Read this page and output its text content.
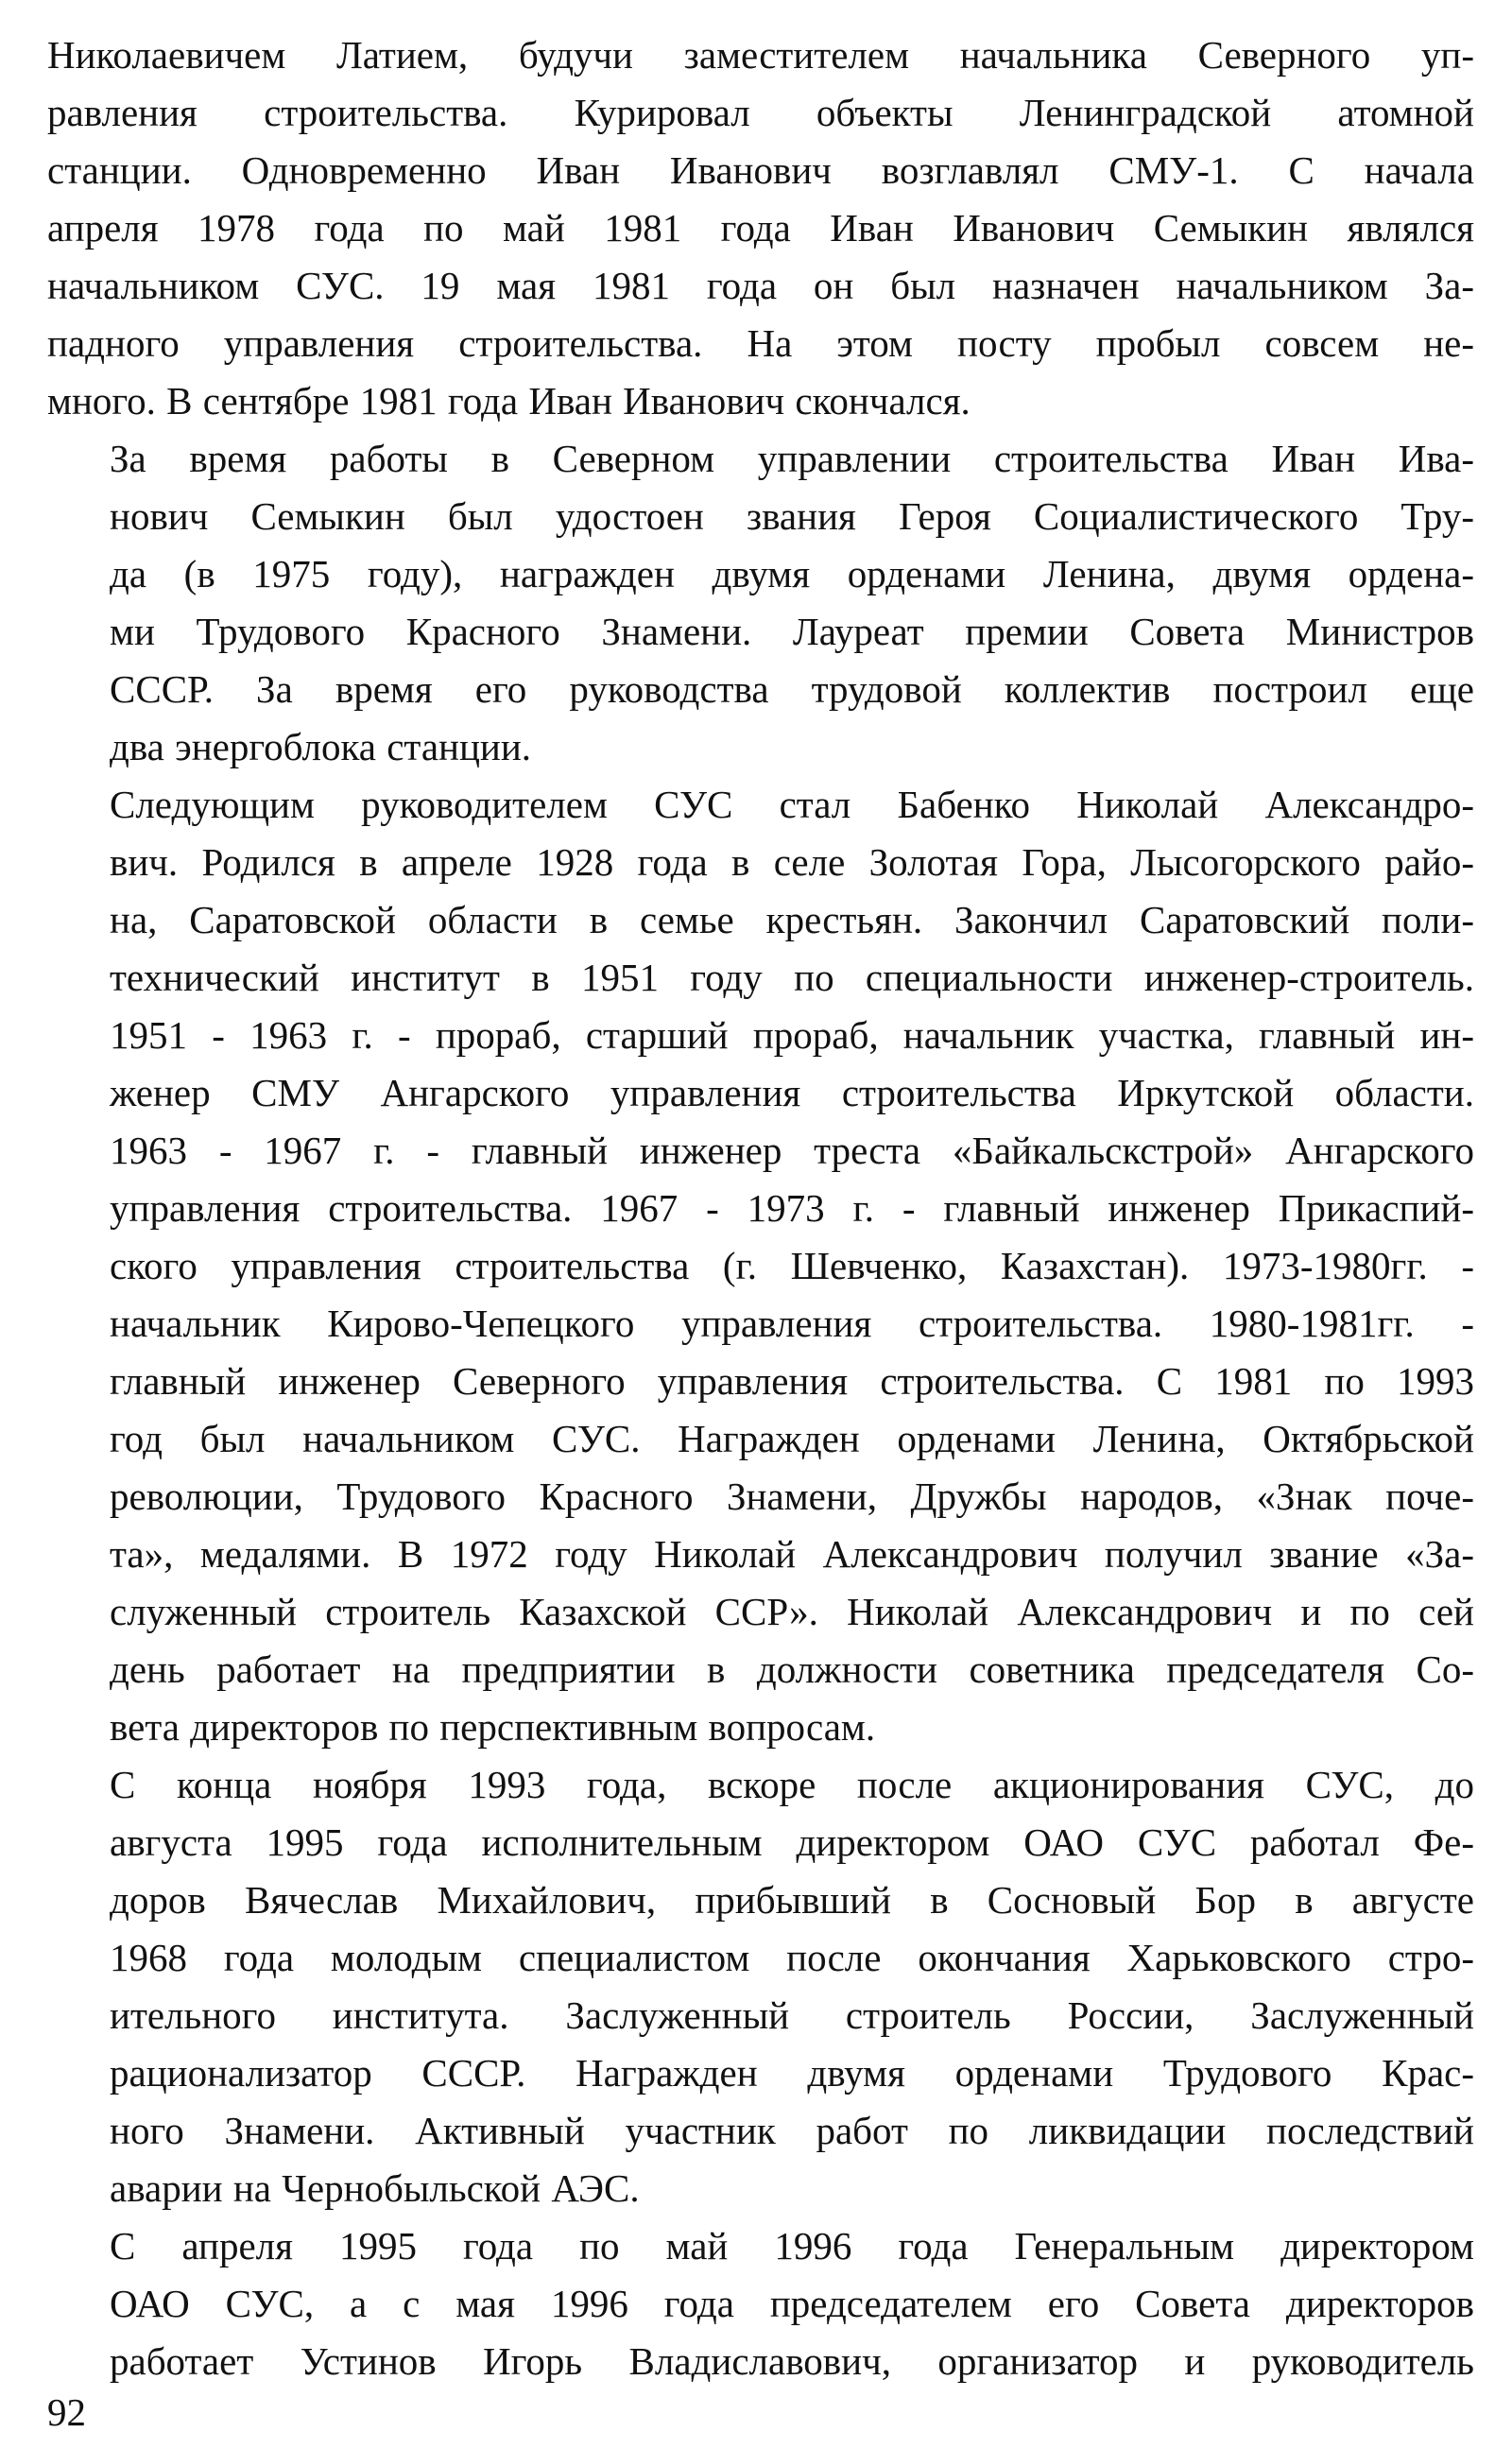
Николаевичем Латием, будучи заместителем начальника Северного уп-
равления строительства. Курировал объекты Ленинградской атомной
станции. Одновременно Иван Иванович возглавлял СМУ-1. С начала
апреля 1978 года по май 1981 года Иван Иванович Семыкин являлся
начальником СУС. 19 мая 1981 года он был назначен начальником За-
падного управления строительства. На этом посту пробыл совсем не-
много. В сентябре 1981 года Иван Иванович скончался.

За время работы в Северном управлении строительства Иван Ива-
нович Семыкин был удостоен звания Героя Социалистического Тру-
да (в 1975 году), награжден двумя орденами Ленина, двумя ордена-
ми Трудового Красного Знамени. Лауреат премии Совета Министров
СССР. За время его руководства трудовой коллектив построил еще
два энергоблока станции.

Следующим руководителем СУС стал Бабенко Николай Александро-
вич. Родился в апреле 1928 года в селе Золотая Гора, Лысогорского райо-
на, Саратовской области в семье крестьян. Закончил Саратовский поли-
технический институт в 1951 году по специальности инженер-строитель.
1951 - 1963 г. - прораб, старший прораб, начальник участка, главный ин-
женер СМУ Ангарского управления строительства Иркутской области.
1963 - 1967 г. - главный инженер треста «Байкальскстрой» Ангарского
управления строительства. 1967 - 1973 г. - главный инженер Прикаспий-
ского управления строительства (г. Шевченко, Казахстан). 1973-1980гг. -
начальник Кирово-Чепецкого управления строительства. 1980-1981гг. -
главный инженер Северного управления строительства. С 1981 по 1993
год был начальником СУС. Награжден орденами Ленина, Октябрьской
революции, Трудового Красного Знамени, Дружбы народов, «Знак поче-
та», медалями. В 1972 году Николай Александрович получил звание «За-
служенный строитель Казахской ССР». Николай Александрович и по сей
день работает на предприятии в должности советника председателя Со-
вета директоров по перспективным вопросам.

С конца ноября 1993 года, вскоре после акционирования СУС, до
августа 1995 года исполнительным директором ОАО СУС работал Фе-
доров Вячеслав Михайлович, прибывший в Сосновый Бор в августе
1968 года молодым специалистом после окончания Харьковского стро-
ительного института. Заслуженный строитель России, Заслуженный
рационализатор СССР. Награжден двумя орденами Трудового Крас-
ного Знамени. Активный участник работ по ликвидации последствий
аварии на Чернобыльской АЭС.

С апреля 1995 года по май 1996 года Генеральным директором
ОАО СУС, а с мая 1996 года председателем его Совета директоров
работает Устинов Игорь Владиславович, организатор и руководитель

92
